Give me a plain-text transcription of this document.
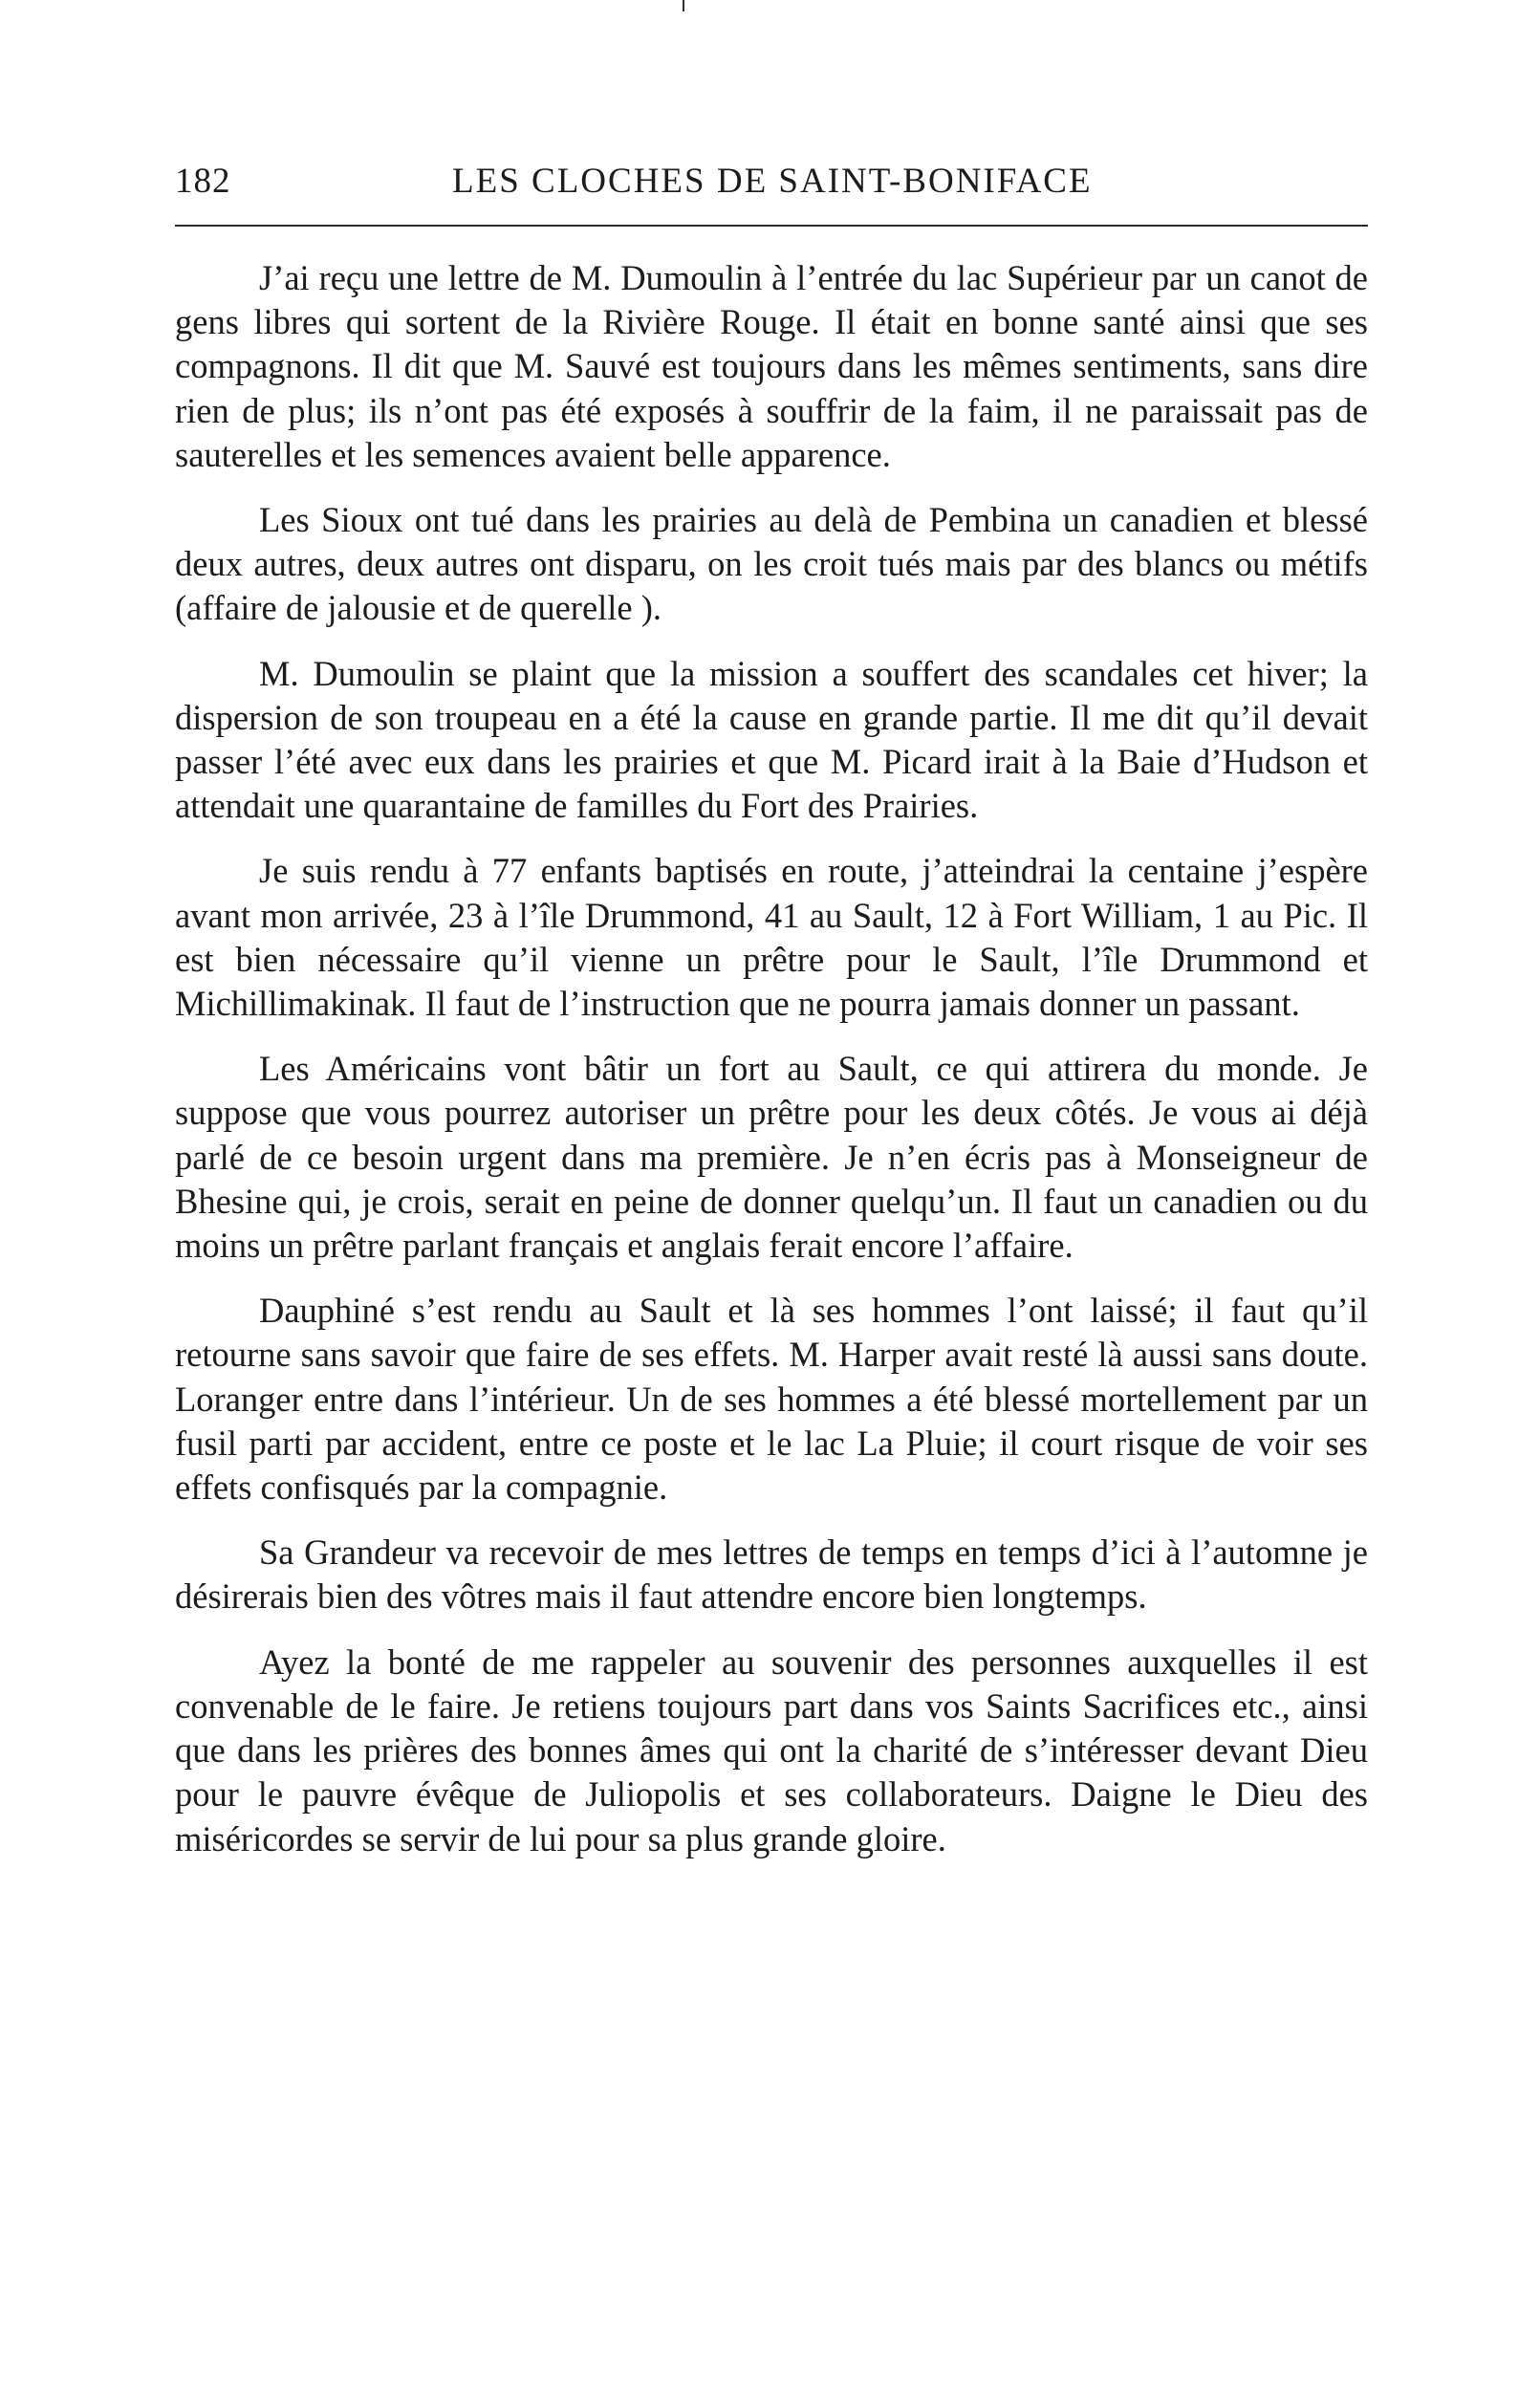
182	LES CLOCHES DE SAINT-BONIFACE

J’ai reçu une lettre de M. Dumoulin à l’entrée du lac Supérieur par un canot de gens libres qui sortent de la Rivière Rouge. Il était en bonne santé ainsi que ses compagnons. Il dit que M. Sauvé est toujours dans les mêmes sentiments, sans dire rien de plus; ils n’ont pas été exposés à souffrir de la faim, il ne paraissait pas de sauterelles et les semences avaient belle apparence.

Les Sioux ont tué dans les prairies au delà de Pembina un canadien et blessé deux autres, deux autres ont disparu, on les croit tués mais par des blancs ou métifs (affaire de jalousie et de querelle ).

M. Dumoulin se plaint que la mission a souffert des scandales cet hiver; la dispersion de son troupeau en a été la cause en grande partie. Il me dit qu’il devait passer l’été avec eux dans les prairies et que M. Picard irait à la Baie d’Hudson et attendait une quarantaine de familles du Fort des Prairies.

Je suis rendu à 77 enfants baptisés en route, j’atteindrai la centaine j’espère avant mon arrivée, 23 à l’île Drummond, 41 au Sault, 12 à Fort William, 1 au Pic. Il est bien nécessaire qu’il vienne un prêtre pour le Sault, l’île Drummond et Michillimakinak. Il faut de l’instruction que ne pourra jamais donner un passant.

Les Américains vont bâtir un fort au Sault, ce qui attirera du monde. Je suppose que vous pourrez autoriser un prêtre pour les deux côtés. Je vous ai déjà parlé de ce besoin urgent dans ma première. Je n’en écris pas à Monseigneur de Bhesine qui, je crois, serait en peine de donner quelqu’un. Il faut un canadien ou du moins un prêtre parlant français et anglais ferait encore l’affaire.

Dauphiné s’est rendu au Sault et là ses hommes l’ont laissé; il faut qu’il retourne sans savoir que faire de ses effets. M. Harper avait resté là aussi sans doute. Loranger entre dans l’intérieur. Un de ses hommes a été blessé mortellement par un fusil parti par accident, entre ce poste et le lac La Pluie; il court risque de voir ses effets confisqués par la compagnie.

Sa Grandeur va recevoir de mes lettres de temps en temps d’ici à l’automne je désirerais bien des vôtres mais il faut attendre encore bien longtemps.

Ayez la bonté de me rappeler au souvenir des personnes auxquelles il est convenable de le faire. Je retiens toujours part dans vos Saints Sacrifices etc., ainsi que dans les prières des bonnes âmes qui ont la charité de s’intéresser devant Dieu pour le pauvre évêque de Juliopolis et ses collaborateurs. Daigne le Dieu des miséricordes se servir de lui pour sa plus grande gloire.
